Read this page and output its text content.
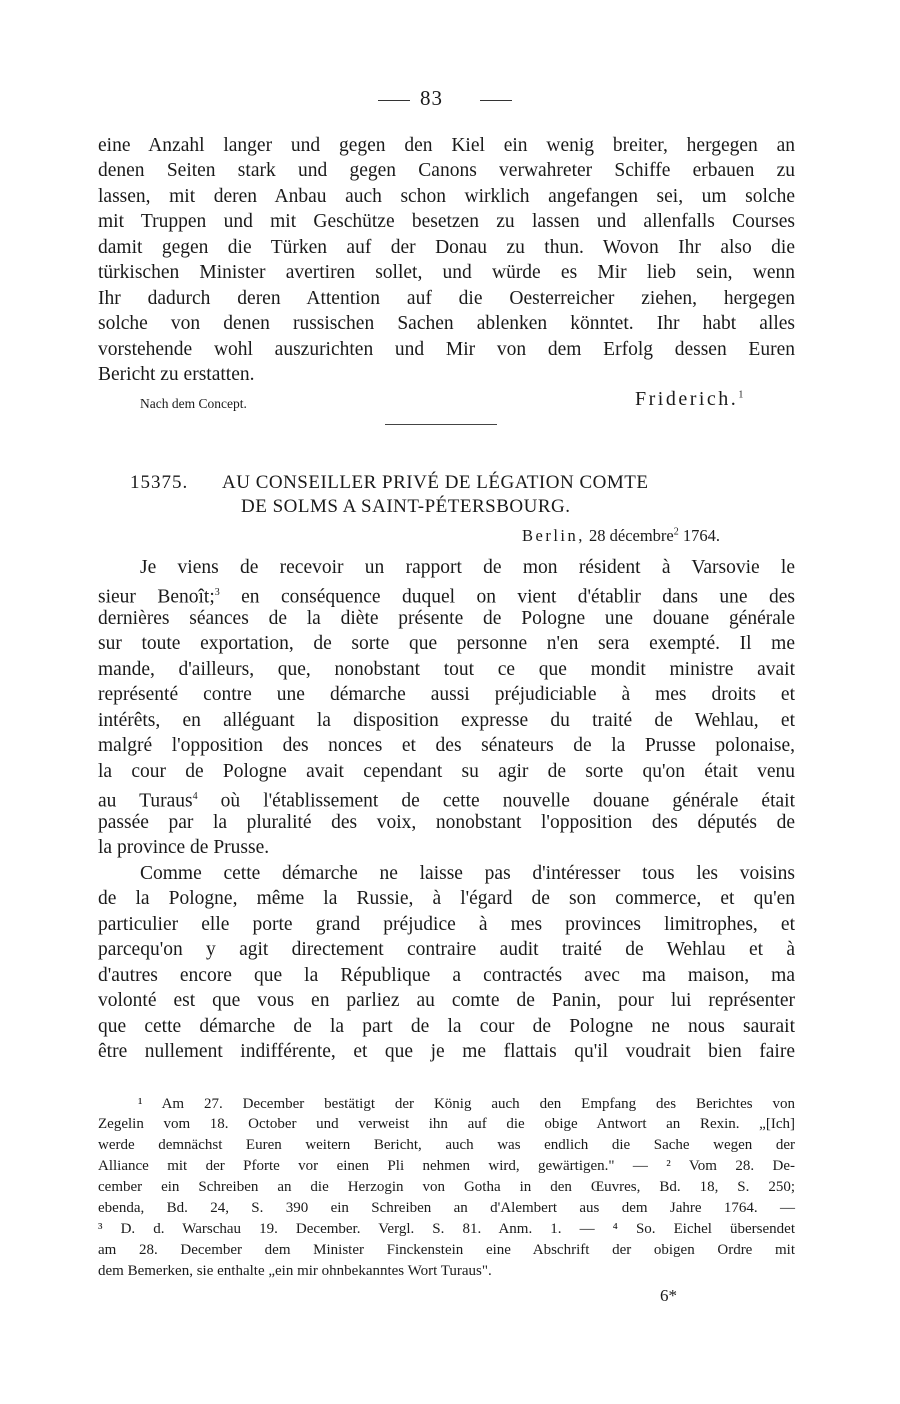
83
eine Anzahl langer und gegen den Kiel ein wenig breiter, hergegen an
denen Seiten stark und gegen Canons verwahreter Schiffe erbauen zu
lassen, mit deren Anbau auch schon wirklich angefangen sei, um solche
mit Truppen und mit Geschütze besetzen zu lassen und allenfalls Courses
damit gegen die Türken auf der Donau zu thun. Wovon Ihr also die
türkischen Minister avertiren sollet, und würde es Mir lieb sein, wenn
Ihr dadurch deren Attention auf die Oesterreicher ziehen, hergegen
solche von denen russischen Sachen ablenken könntet. Ihr habt alles
vorstehende wohl auszurichten und Mir von dem Erfolg dessen Euren
Bericht zu erstatten.
Nach dem Concept.	Friderich.$^1$
15375. AU CONSEILLER PRIVÉ DE LÉGATION COMTE
DE SOLMS A SAINT-PÉTERSBOURG.
Berlin, 28 décembre$^2$ 1764.
Je viens de recevoir un rapport de mon résident à Varsovie le
sieur Benoît;$^3$ en conséquence duquel on vient d'établir dans une des
dernières séances de la diète présente de Pologne une douane générale
sur toute exportation, de sorte que personne n'en sera exempté. Il me
mande, d'ailleurs, que, nonobstant tout ce que mondit ministre avait
représenté contre une démarche aussi préjudiciable à mes droits et
intérêts, en alléguant la disposition expresse du traité de Wehlau, et
malgré l'opposition des nonces et des sénateurs de la Prusse polonaise,
la cour de Pologne avait cependant su agir de sorte qu'on était venu
au Turaus$^4$ où l'établissement de cette nouvelle douane générale était
passée par la pluralité des voix, nonobstant l'opposition des députés de
la province de Prusse.
Comme cette démarche ne laisse pas d'intéresser tous les voisins
de la Pologne, même la Russie, à l'égard de son commerce, et qu'en
particulier elle porte grand préjudice à mes provinces limitrophes, et
parcequ'on y agit directement contraire audit traité de Wehlau et à
d'autres encore que la République a contractés avec ma maison, ma
volonté est que vous en parliez au comte de Panin, pour lui représenter
que cette démarche de la part de la cour de Pologne ne nous saurait
être nullement indifférente, et que je me flattais qu'il voudrait bien faire
¹ Am 27. December bestätigt der König auch den Empfang des Berichtes von
Zegelin vom 18. October und verweist ihn auf die obige Antwort an Rexin. „[Ich]
werde demnächst Euren weitern Bericht, auch was endlich die Sache wegen der
Alliance mit der Pforte vor einen Pli nehmen wird, gewärtigen." — ² Vom 28. De-
cember ein Schreiben an die Herzogin von Gotha in den Œuvres, Bd. 18, S. 250;
ebenda, Bd. 24, S. 390 ein Schreiben an d'Alembert aus dem Jahre 1764. —
³ D. d. Warschau 19. December. Vergl. S. 81. Anm. 1. — ⁴ So. Eichel übersendet
am 28. December dem Minister Finckenstein eine Abschrift der obigen Ordre mit
dem Bemerken, sie enthalte „ein mir ohnbekanntes Wort Turaus".
6*
